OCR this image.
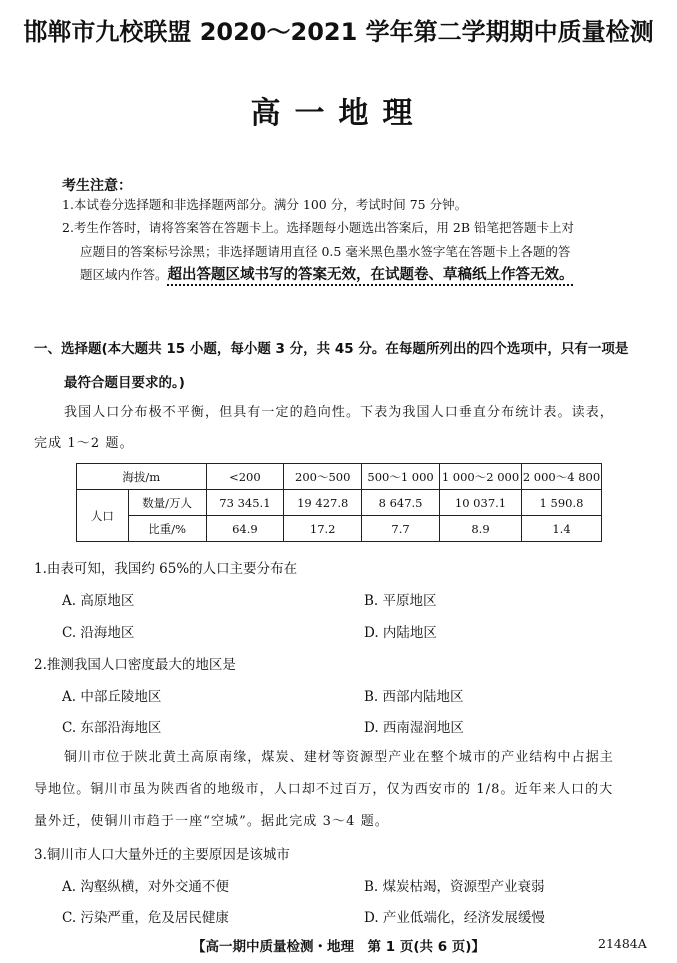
邯郸市九校联盟 2020～2021 学年第二学期期中质量检测
高一地理
考生注意：
1.本试卷分选择题和非选择题两部分。满分 100 分，考试时间 75 分钟。
2.考生作答时，请将答案答在答题卡上。选择题每小题选出答案后，用 2B 铅笔把答题卡上对
应题目的答案标号涂黑；非选择题请用直径 0.5 毫米黑色墨水签字笔在答题卡上各题的答
题区域内作答。超出答题区域书写的答案无效，在试题卷、草稿纸上作答无效。
一、选择题(本大题共 15 小题，每小题 3 分，共 45 分。在每题所列出的四个选项中，只有一项是
最符合题目要求的。)
我国人口分布极不平衡，但具有一定的趋向性。下表为我国人口垂直分布统计表。读表，
完成 1～2 题。
海拔/m		<200	200～500	500～1 000	1 000～2 000	2 000～4 800
人口	数量/万人	73 345.1	19 427.8	8 647.5	10 037.1	1 590.8
	比重/%	64.9	17.2	7.7	8.9	1.4
1.由表可知，我国约 65%的人口主要分布在
A. 高原地区	B. 平原地区
C. 沿海地区	D. 内陆地区
2.推测我国人口密度最大的地区是
A. 中部丘陵地区	B. 西部内陆地区
C. 东部沿海地区	D. 西南湿润地区
铜川市位于陕北黄土高原南缘，煤炭、建材等资源型产业在整个城市的产业结构中占据主
导地位。铜川市虽为陕西省的地级市，人口却不过百万，仅为西安市的 1/8。近年来人口的大
量外迁，使铜川市趋于一座“空城”。据此完成 3～4 题。
3.铜川市人口大量外迁的主要原因是该城市
A. 沟壑纵横，对外交通不便	B. 煤炭枯竭，资源型产业衰弱
C. 污染严重，危及居民健康	D. 产业低端化，经济发展缓慢
【高一期中质量检测・地理　第 1 页(共 6 页)】	21484A
